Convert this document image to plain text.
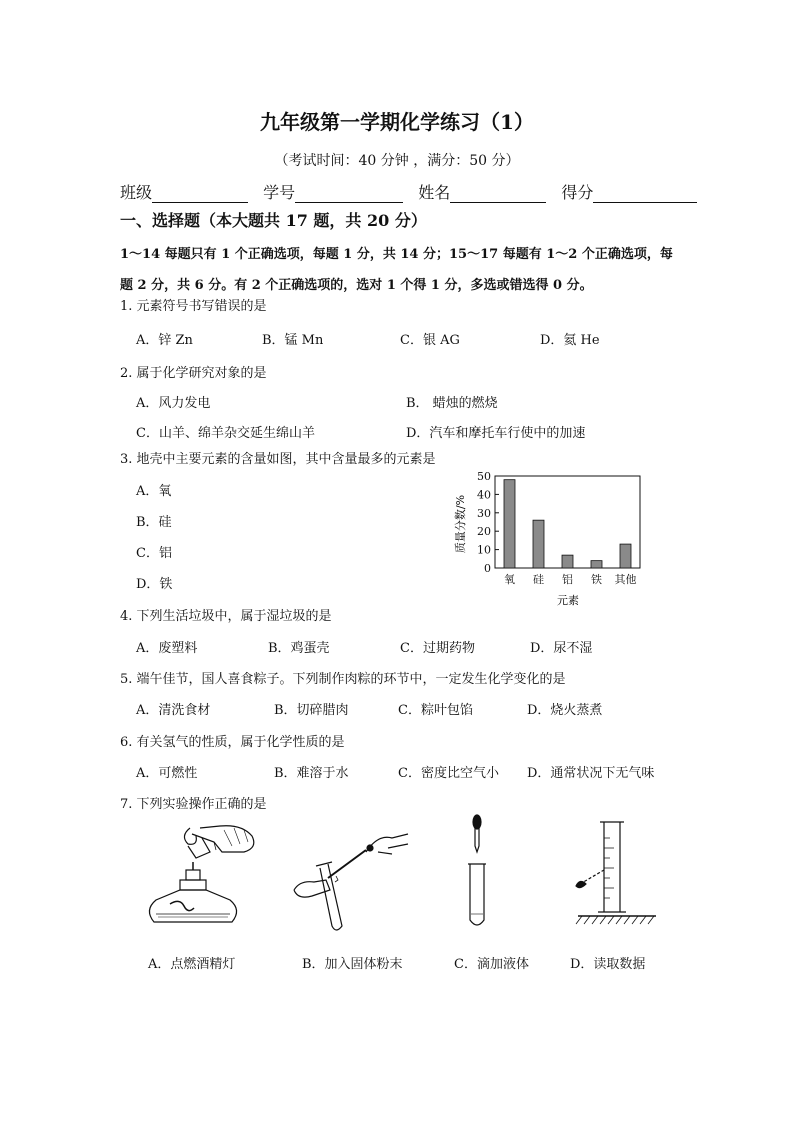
九年级第一学期化学练习（1）
（考试时间：40 分钟 ，满分：50 分）
班级	学号	姓名	得分
一、选择题（本大题共 17 题，共 20 分）
1～14 每题只有 1 个正确选项，每题 1 分，共 14 分；15～17 每题有 1～2 个正确选项，每
题 2 分，共 6 分。有 2 个正确选项的，选对 1 个得 1 分，多选或错选得 0 分。
1. 元素符号书写错误的是
A．锌 Zn	B．锰 Mn	C．银 AG	D．氦 He
2. 属于化学研究对象的是
A．风力发电	B． 蜡烛的燃烧
C．山羊、绵羊杂交延生绵山羊	D．汽车和摩托车行使中的加速
3. 地壳中主要元素的含量如图，其中含量最多的元素是
A．氧
B．硅
C．铝
D．铁
0
10
20
30
40
50
氧 硅 铝 铁 其他
质量分数/%
元素
4. 下列生活垃圾中，属于湿垃圾的是
A．废塑料	B．鸡蛋壳	C．过期药物	D．尿不湿
5. 端午佳节，国人喜食粽子。下列制作肉粽的环节中，一定发生化学变化的是
A．清洗食材	B．切碎腊肉	C．粽叶包馅	D．烧火蒸煮
6. 有关氢气的性质，属于化学性质的是
A．可燃性	B．难溶于水	C．密度比空气小 D．通常状况下无气味
7. 下列实验操作正确的是
A．点燃酒精灯	B．加入固体粉末	C．滴加液体	D．读取数据
